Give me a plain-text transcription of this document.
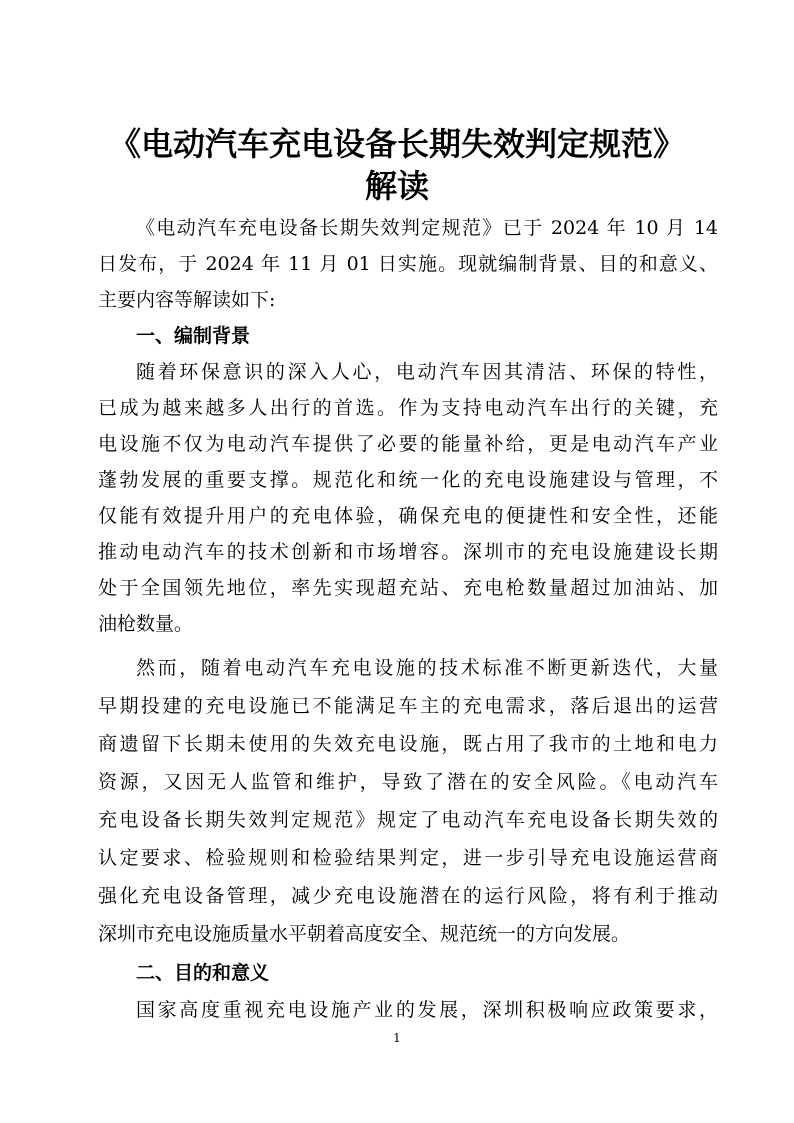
《电动汽车充电设备长期失效判定规范》
解读
《电动汽车充电设备长期失效判定规范》已于 2024 年 10 月 14
日发布，于 2024 年 11 月 01 日实施。现就编制背景、目的和意义、
主要内容等解读如下:
一、编制背景
随着环保意识的深入人心，电动汽车因其清洁、环保的特性，
已成为越来越多人出行的首选。作为支持电动汽车出行的关键，充
电设施不仅为电动汽车提供了必要的能量补给，更是电动汽车产业
蓬勃发展的重要支撑。规范化和统一化的充电设施建设与管理，不
仅能有效提升用户的充电体验，确保充电的便捷性和安全性，还能
推动电动汽车的技术创新和市场增容。深圳市的充电设施建设长期
处于全国领先地位，率先实现超充站、充电枪数量超过加油站、加
油枪数量。
然而，随着电动汽车充电设施的技术标准不断更新迭代，大量
早期投建的充电设施已不能满足车主的充电需求，落后退出的运营
商遗留下长期未使用的失效充电设施，既占用了我市的土地和电力
资源，又因无人监管和维护，导致了潜在的安全风险。《电动汽车
充电设备长期失效判定规范》规定了电动汽车充电设备长期失效的
认定要求、检验规则和检验结果判定，进一步引导充电设施运营商
强化充电设备管理，减少充电设施潜在的运行风险，将有利于推动
深圳市充电设施质量水平朝着高度安全、规范统一的方向发展。
二、目的和意义
国家高度重视充电设施产业的发展，深圳积极响应政策要求，
1
